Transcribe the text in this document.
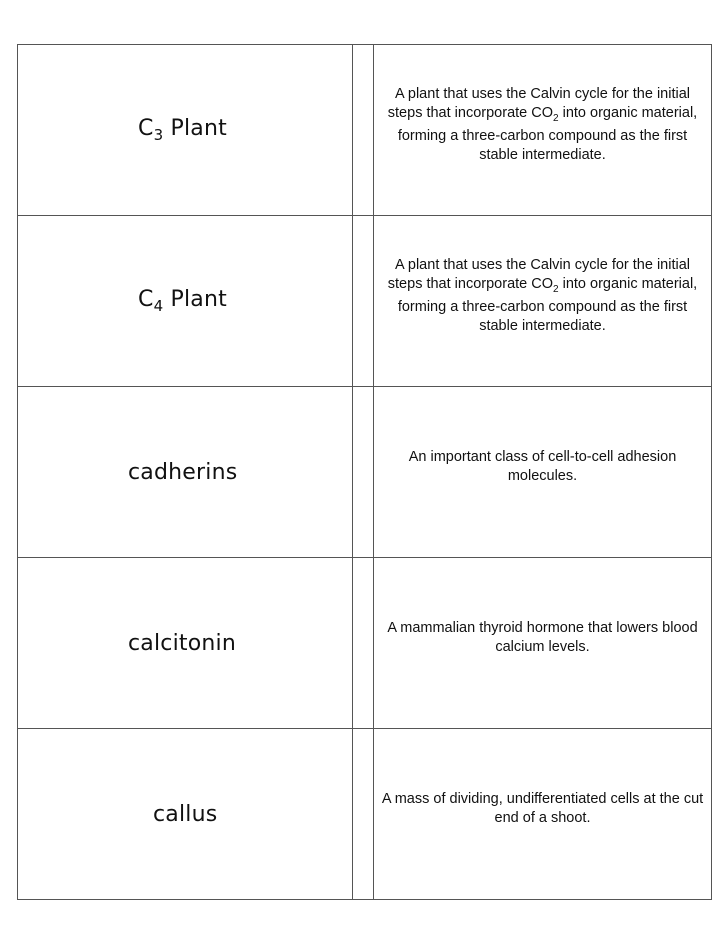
$C_3$ Plant
A plant that uses the Calvin cycle for the initial steps that incorporate $CO_2$ into organic material, forming a three-carbon compound as the first stable intermediate.
$C_4$ Plant
A plant that uses the Calvin cycle for the initial steps that incorporate $CO_2$ into organic material, forming a three-carbon compound as the first stable intermediate.
cadherins
An important class of cell-to-cell adhesion molecules.
calcitonin
A mammalian thyroid hormone that lowers blood calcium levels.
callus
A mass of dividing, undifferentiated cells at the cut end of a shoot.
